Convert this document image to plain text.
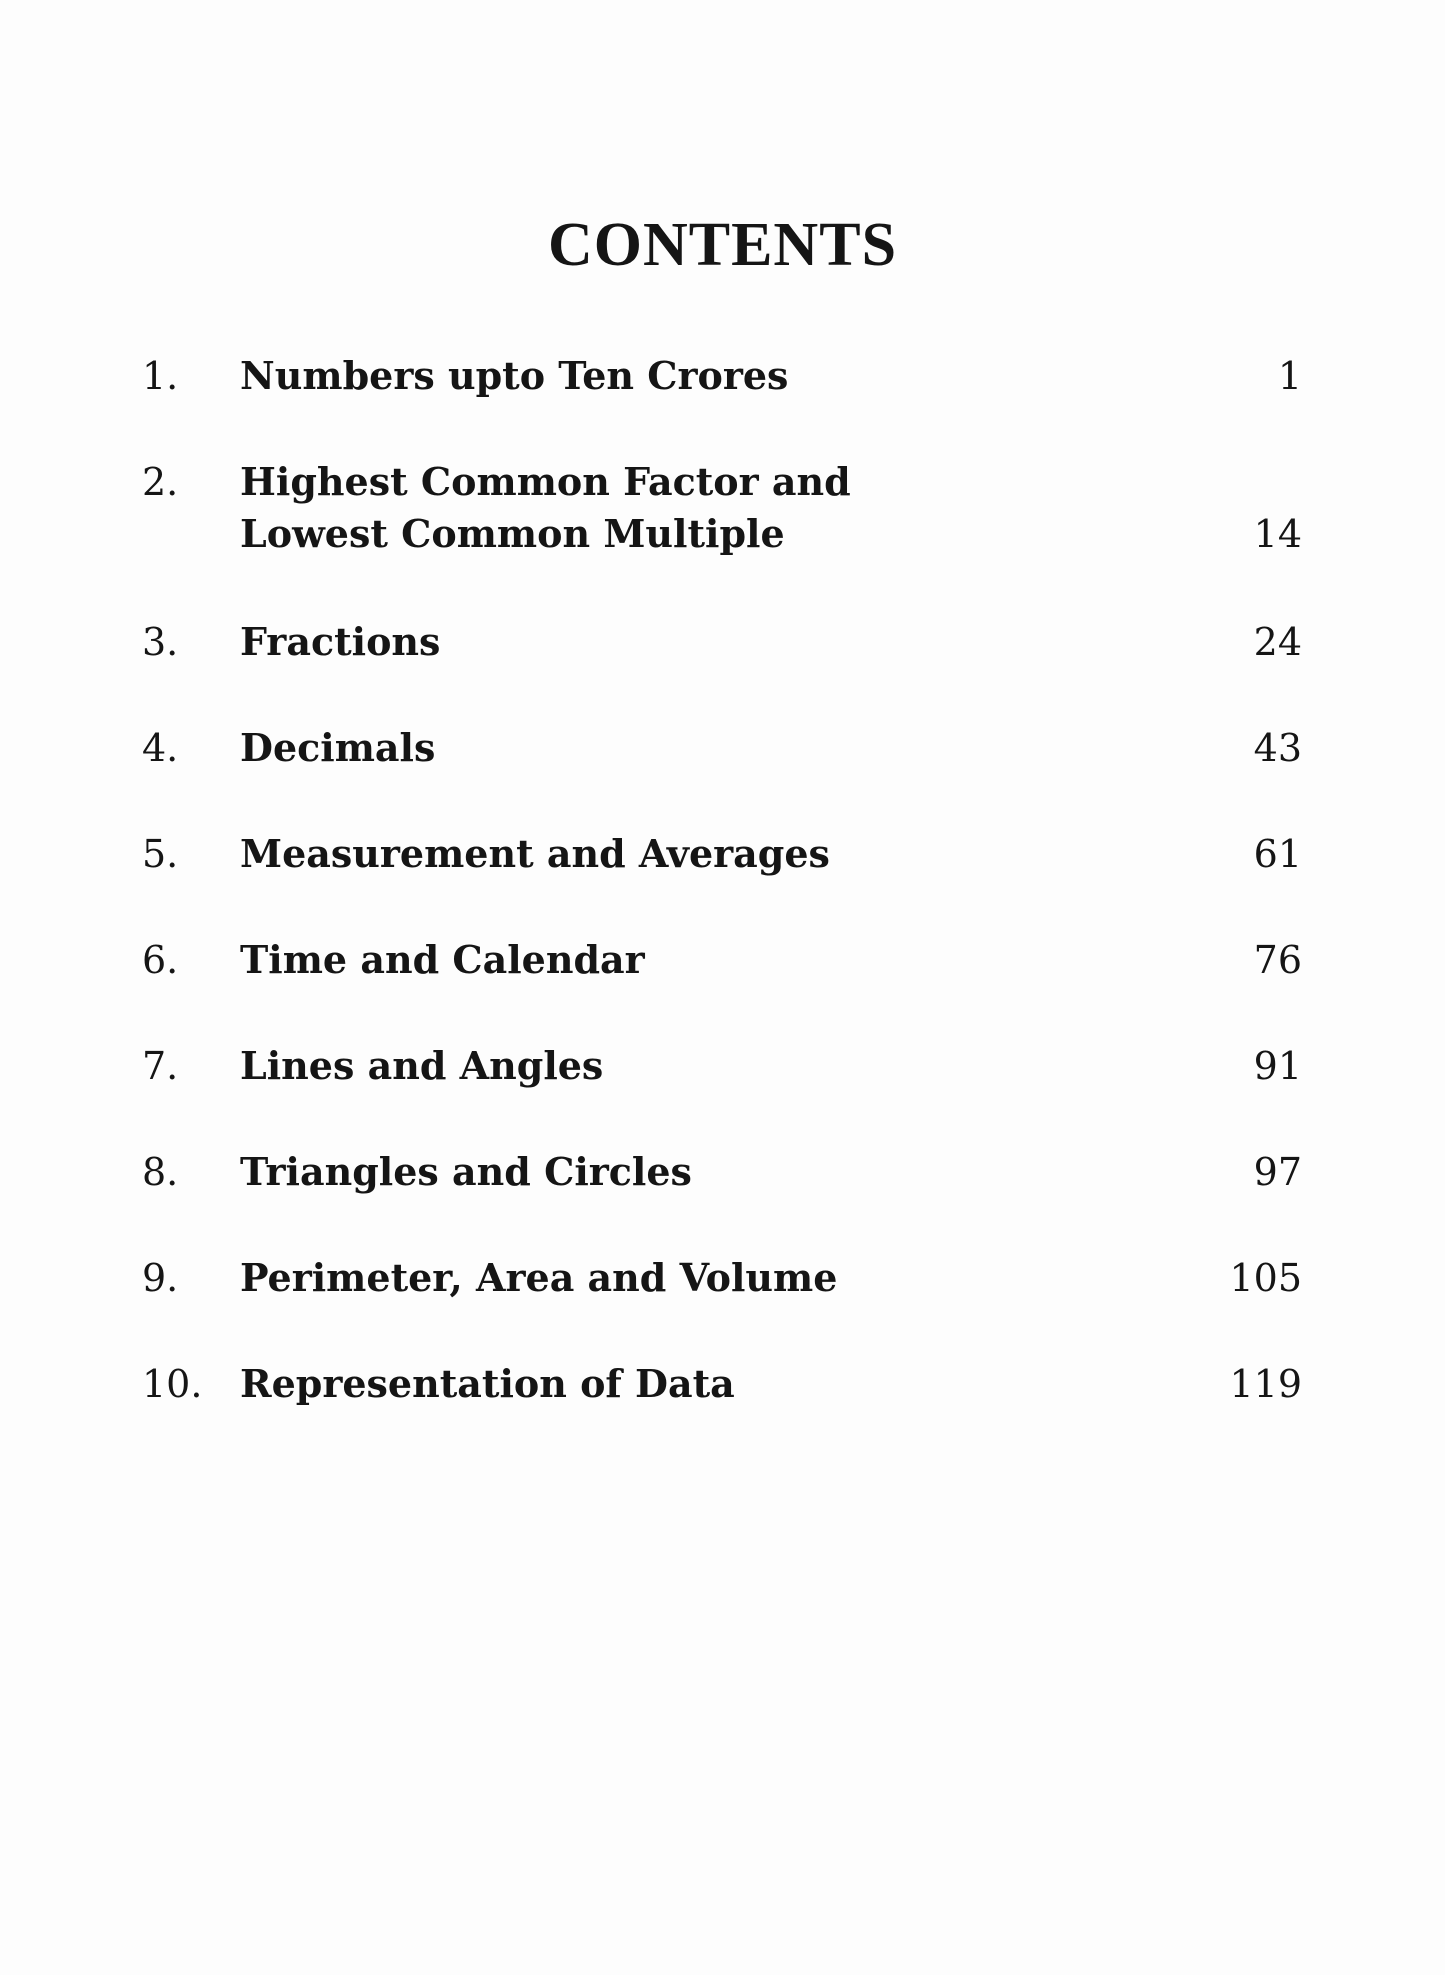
CONTENTS
1. Numbers upto Ten Crores	1
2. Highest Common Factor and
Lowest Common Multiple	14
3. Fractions	24
4. Decimals	43
5. Measurement and Averages	61
6. Time and Calendar	76
7. Lines and Angles	91
8. Triangles and Circles	97
9. Perimeter, Area and Volume	105
10. Representation of Data	119
